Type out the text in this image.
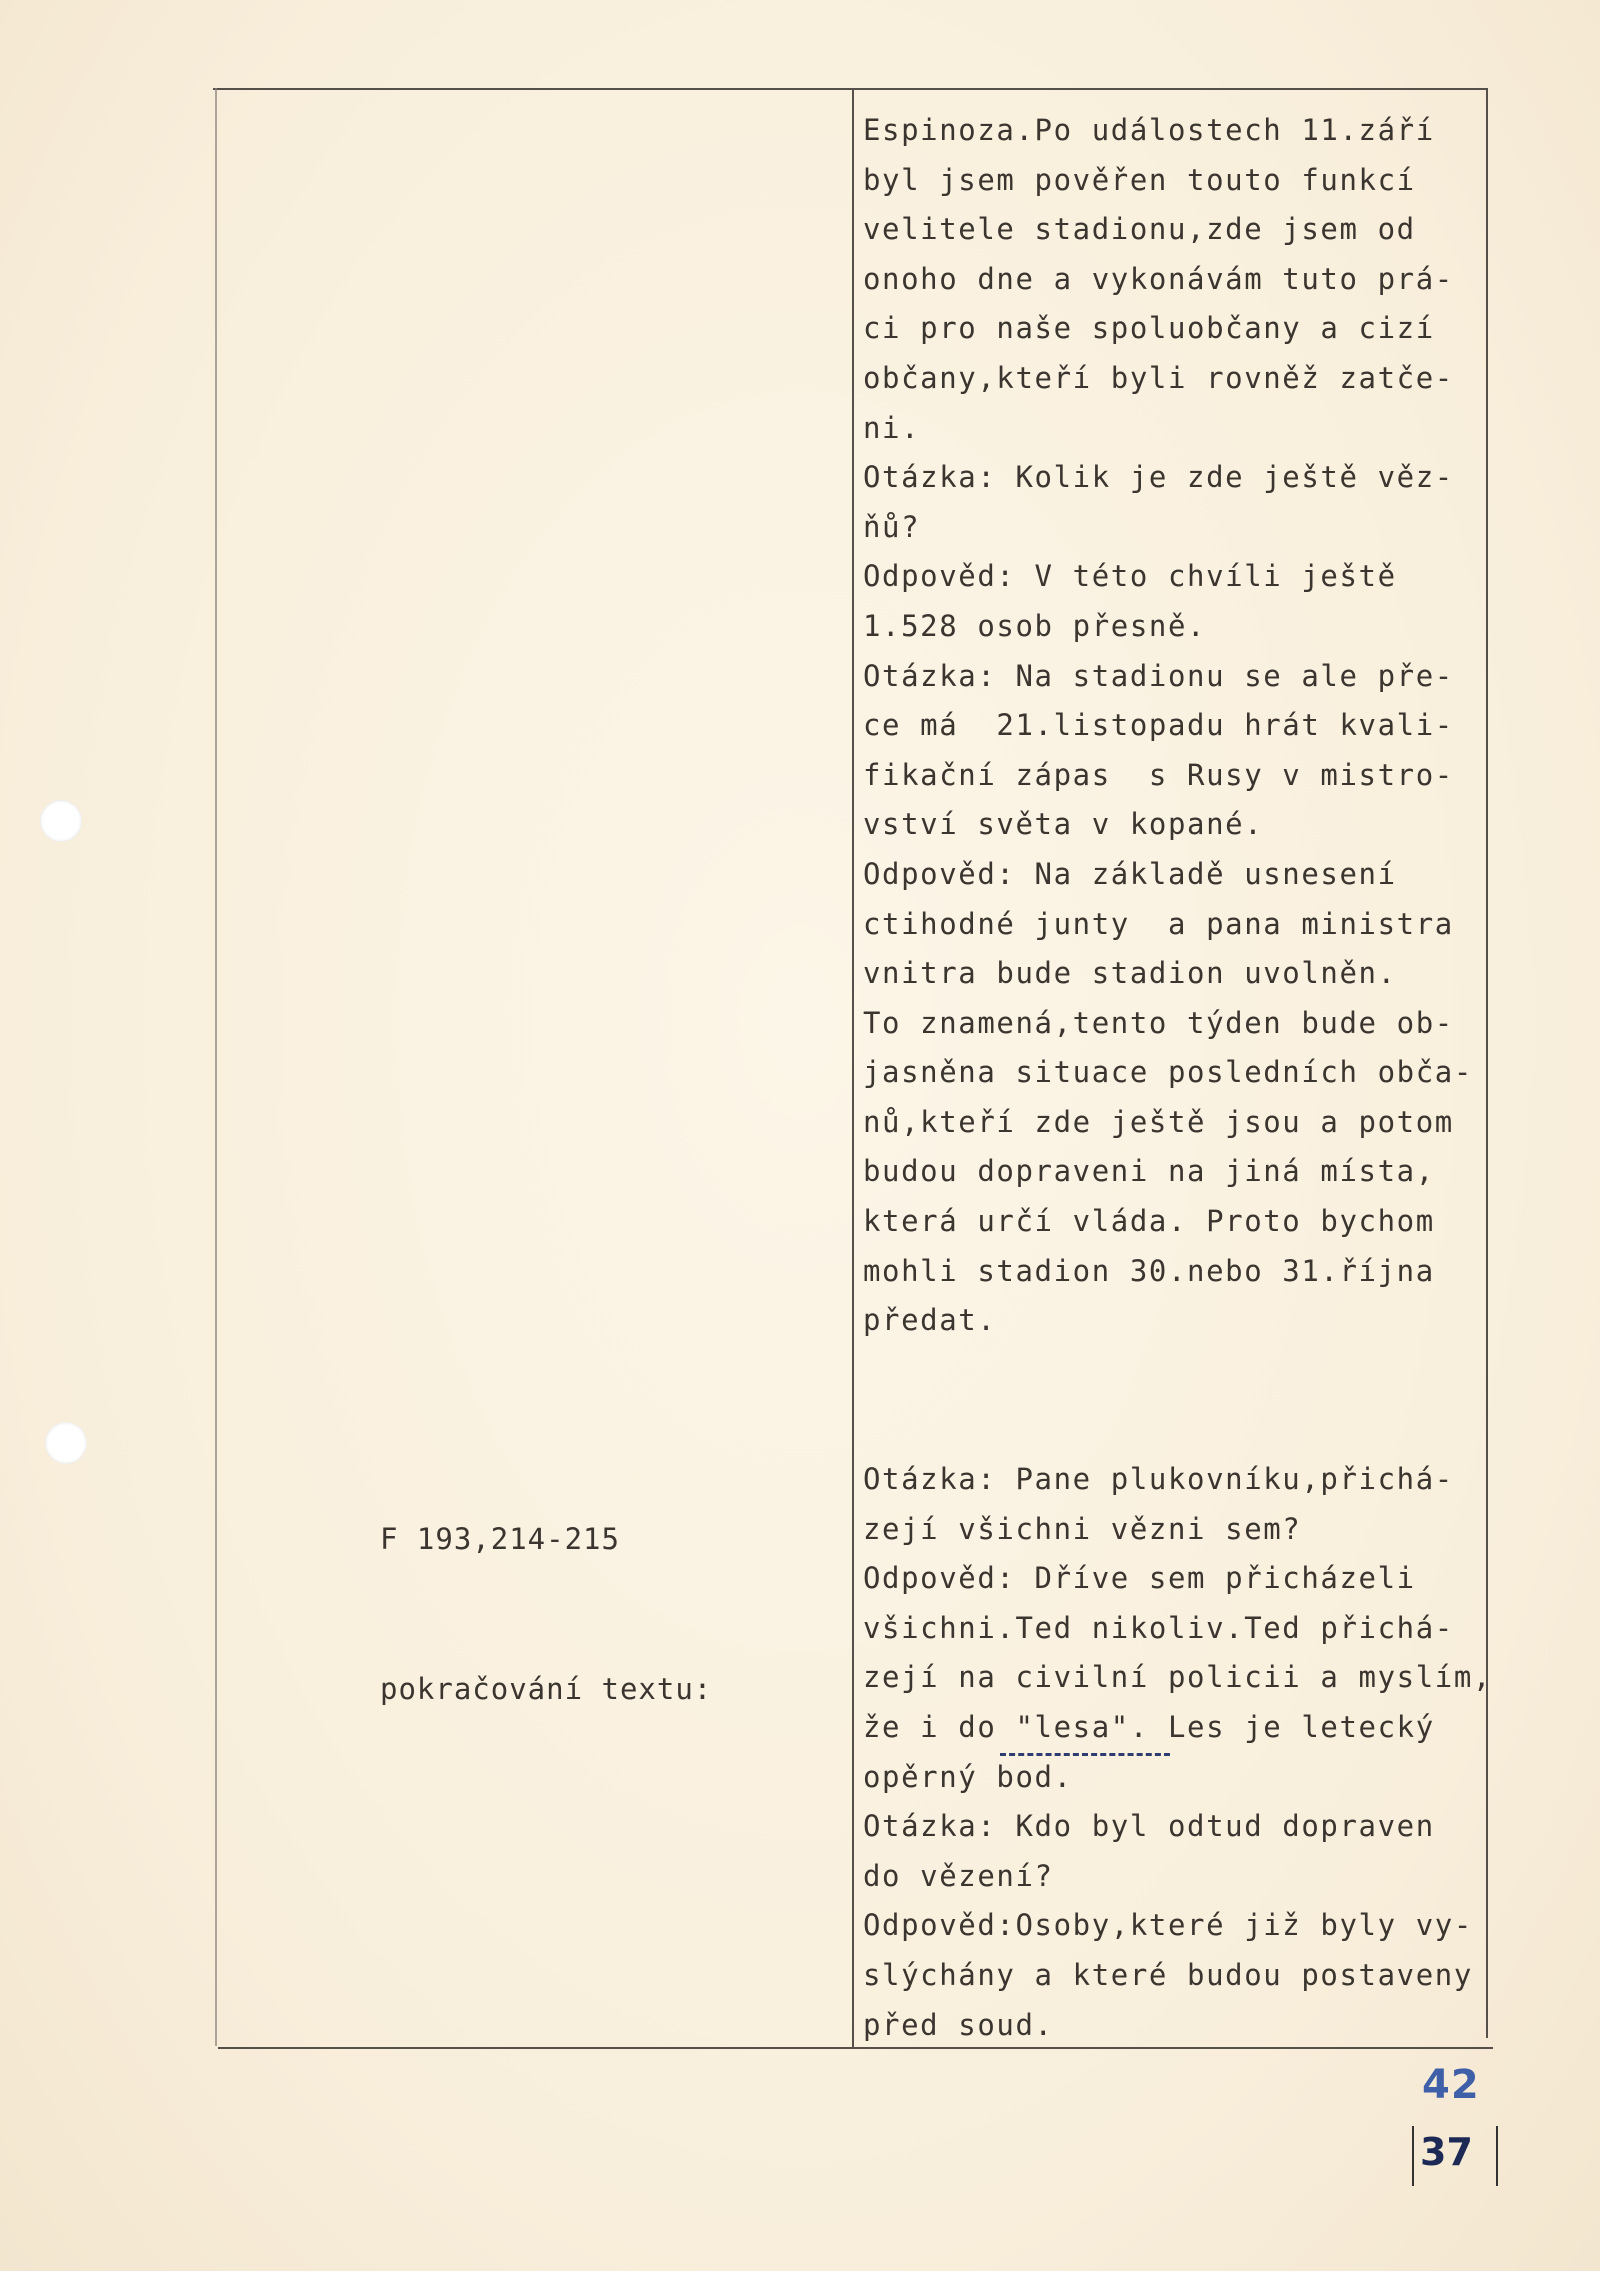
F 193,214-215

pokračování textu:

Espinoza.Po událostech 11.září
byl jsem pověřen touto funkcí
velitele stadionu,zde jsem od
onoho dne a vykonávám tuto prá-
ci pro naše spoluobčany a cizí
občany,kteří byli rovněž zatče-
ni.
Otázka: Kolik je zde ještě věz-
ňů?
Odpověd: V této chvíli ještě
1.528 osob přesně.
Otázka: Na stadionu se ale pře-
ce má  21.listopadu hrát kvali-
fikační zápas  s Rusy v mistro-
vství světa v kopané.
Odpověd: Na základě usnesení
ctihodné junty  a pana ministra
vnitra bude stadion uvolněn.
To znamená,tento týden bude ob-
jasněna situace posledních obča-
nů,kteří zde ještě jsou a potom
budou dopraveni na jiná místa,
která určí vláda. Proto bychom
mohli stadion 30.nebo 31.října
předat.
Otázka: Pane plukovníku,přichá-
zejí všichni vězni sem?
Odpověd: Dříve sem přicházeli
všichni.Ted nikoliv.Ted přichá-
zejí na civilní policii a myslím,
že i do "lesa". Les je letecký
opěrný bod.
Otázka: Kdo byl odtud dopraven
do vězení?
Odpověd:Osoby,které již byly vy-
slýchány a které budou postaveny
před soud.
42
37
